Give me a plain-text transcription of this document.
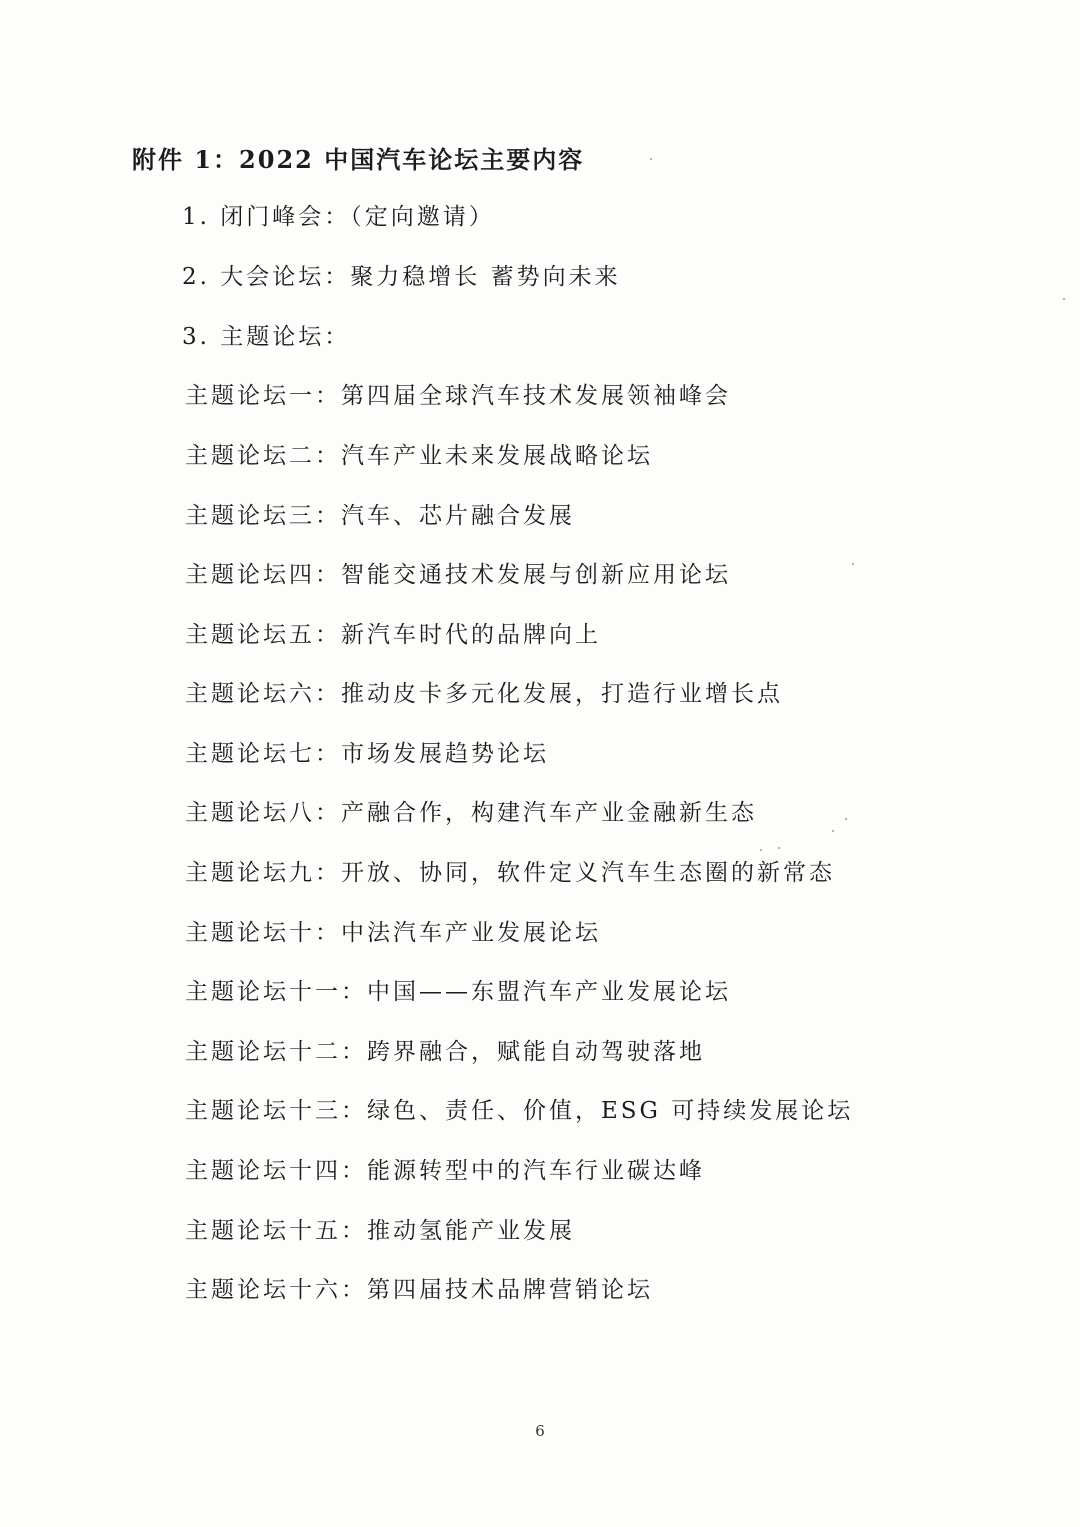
附件 1：2022 中国汽车论坛主要内容
1. 闭门峰会：（定向邀请）
2. 大会论坛：聚力稳增长 蓄势向未来
3. 主题论坛：
主题论坛一：第四届全球汽车技术发展领袖峰会
主题论坛二：汽车产业未来发展战略论坛
主题论坛三：汽车、芯片融合发展
主题论坛四：智能交通技术发展与创新应用论坛
主题论坛五：新汽车时代的品牌向上
主题论坛六：推动皮卡多元化发展，打造行业增长点
主题论坛七：市场发展趋势论坛
主题论坛八：产融合作，构建汽车产业金融新生态
主题论坛九：开放、协同，软件定义汽车生态圈的新常态
主题论坛十：中法汽车产业发展论坛
主题论坛十一：中国——东盟汽车产业发展论坛
主题论坛十二：跨界融合，赋能自动驾驶落地
主题论坛十三：绿色、责任、价值，ESG 可持续发展论坛
主题论坛十四：能源转型中的汽车行业碳达峰
主题论坛十五：推动氢能产业发展
主题论坛十六：第四届技术品牌营销论坛
6
